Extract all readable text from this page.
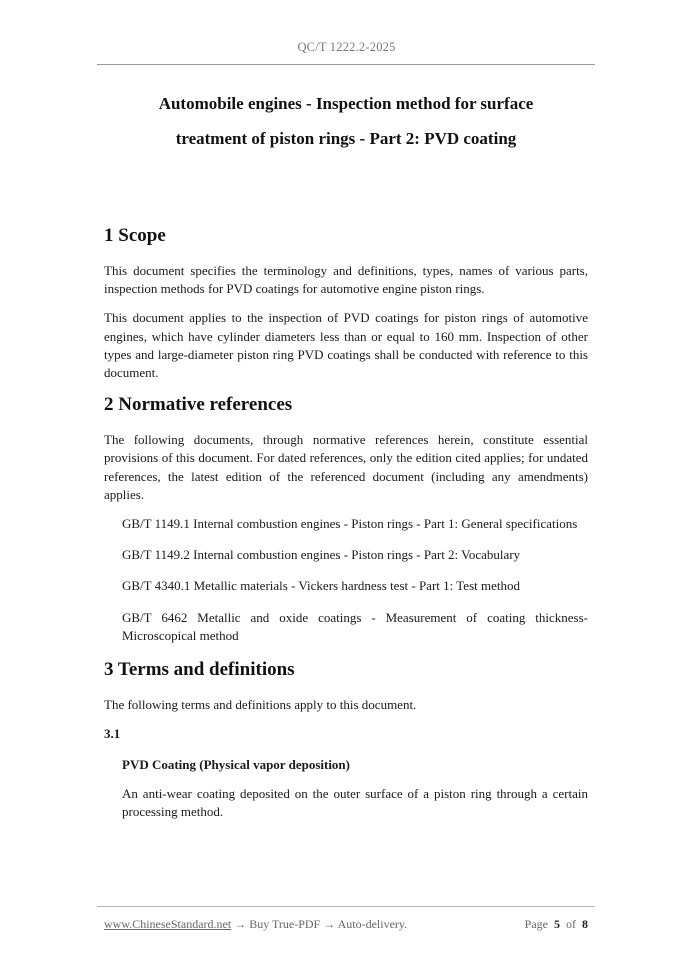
QC/T 1222.2-2025
Automobile engines - Inspection method for surface
treatment of piston rings - Part 2: PVD coating
1 Scope

This document specifies the terminology and definitions, types, names of various parts, inspection methods for PVD coatings for automotive engine piston rings.

This document applies to the inspection of PVD coatings for piston rings of automotive engines, which have cylinder diameters less than or equal to 160 mm. Inspection of other types and large-diameter piston ring PVD coatings shall be conducted with reference to this document.

2 Normative references

The following documents, through normative references herein, constitute essential provisions of this document. For dated references, only the edition cited applies; for undated references, the latest edition of the referenced document (including any amendments) applies.

GB/T 1149.1 Internal combustion engines - Piston rings - Part 1: General specifications

GB/T 1149.2 Internal combustion engines - Piston rings - Part 2: Vocabulary

GB/T 4340.1 Metallic materials - Vickers hardness test - Part 1: Test method

GB/T 6462 Metallic and oxide coatings - Measurement of coating thickness- Microscopical method

3 Terms and definitions

The following terms and definitions apply to this document.

3.1
PVD Coating (Physical vapor deposition)

An anti-wear coating deposited on the outer surface of a piston ring through a certain processing method.

www.ChineseStandard.net → Buy True-PDF → Auto-delivery.	Page 5 of 8
